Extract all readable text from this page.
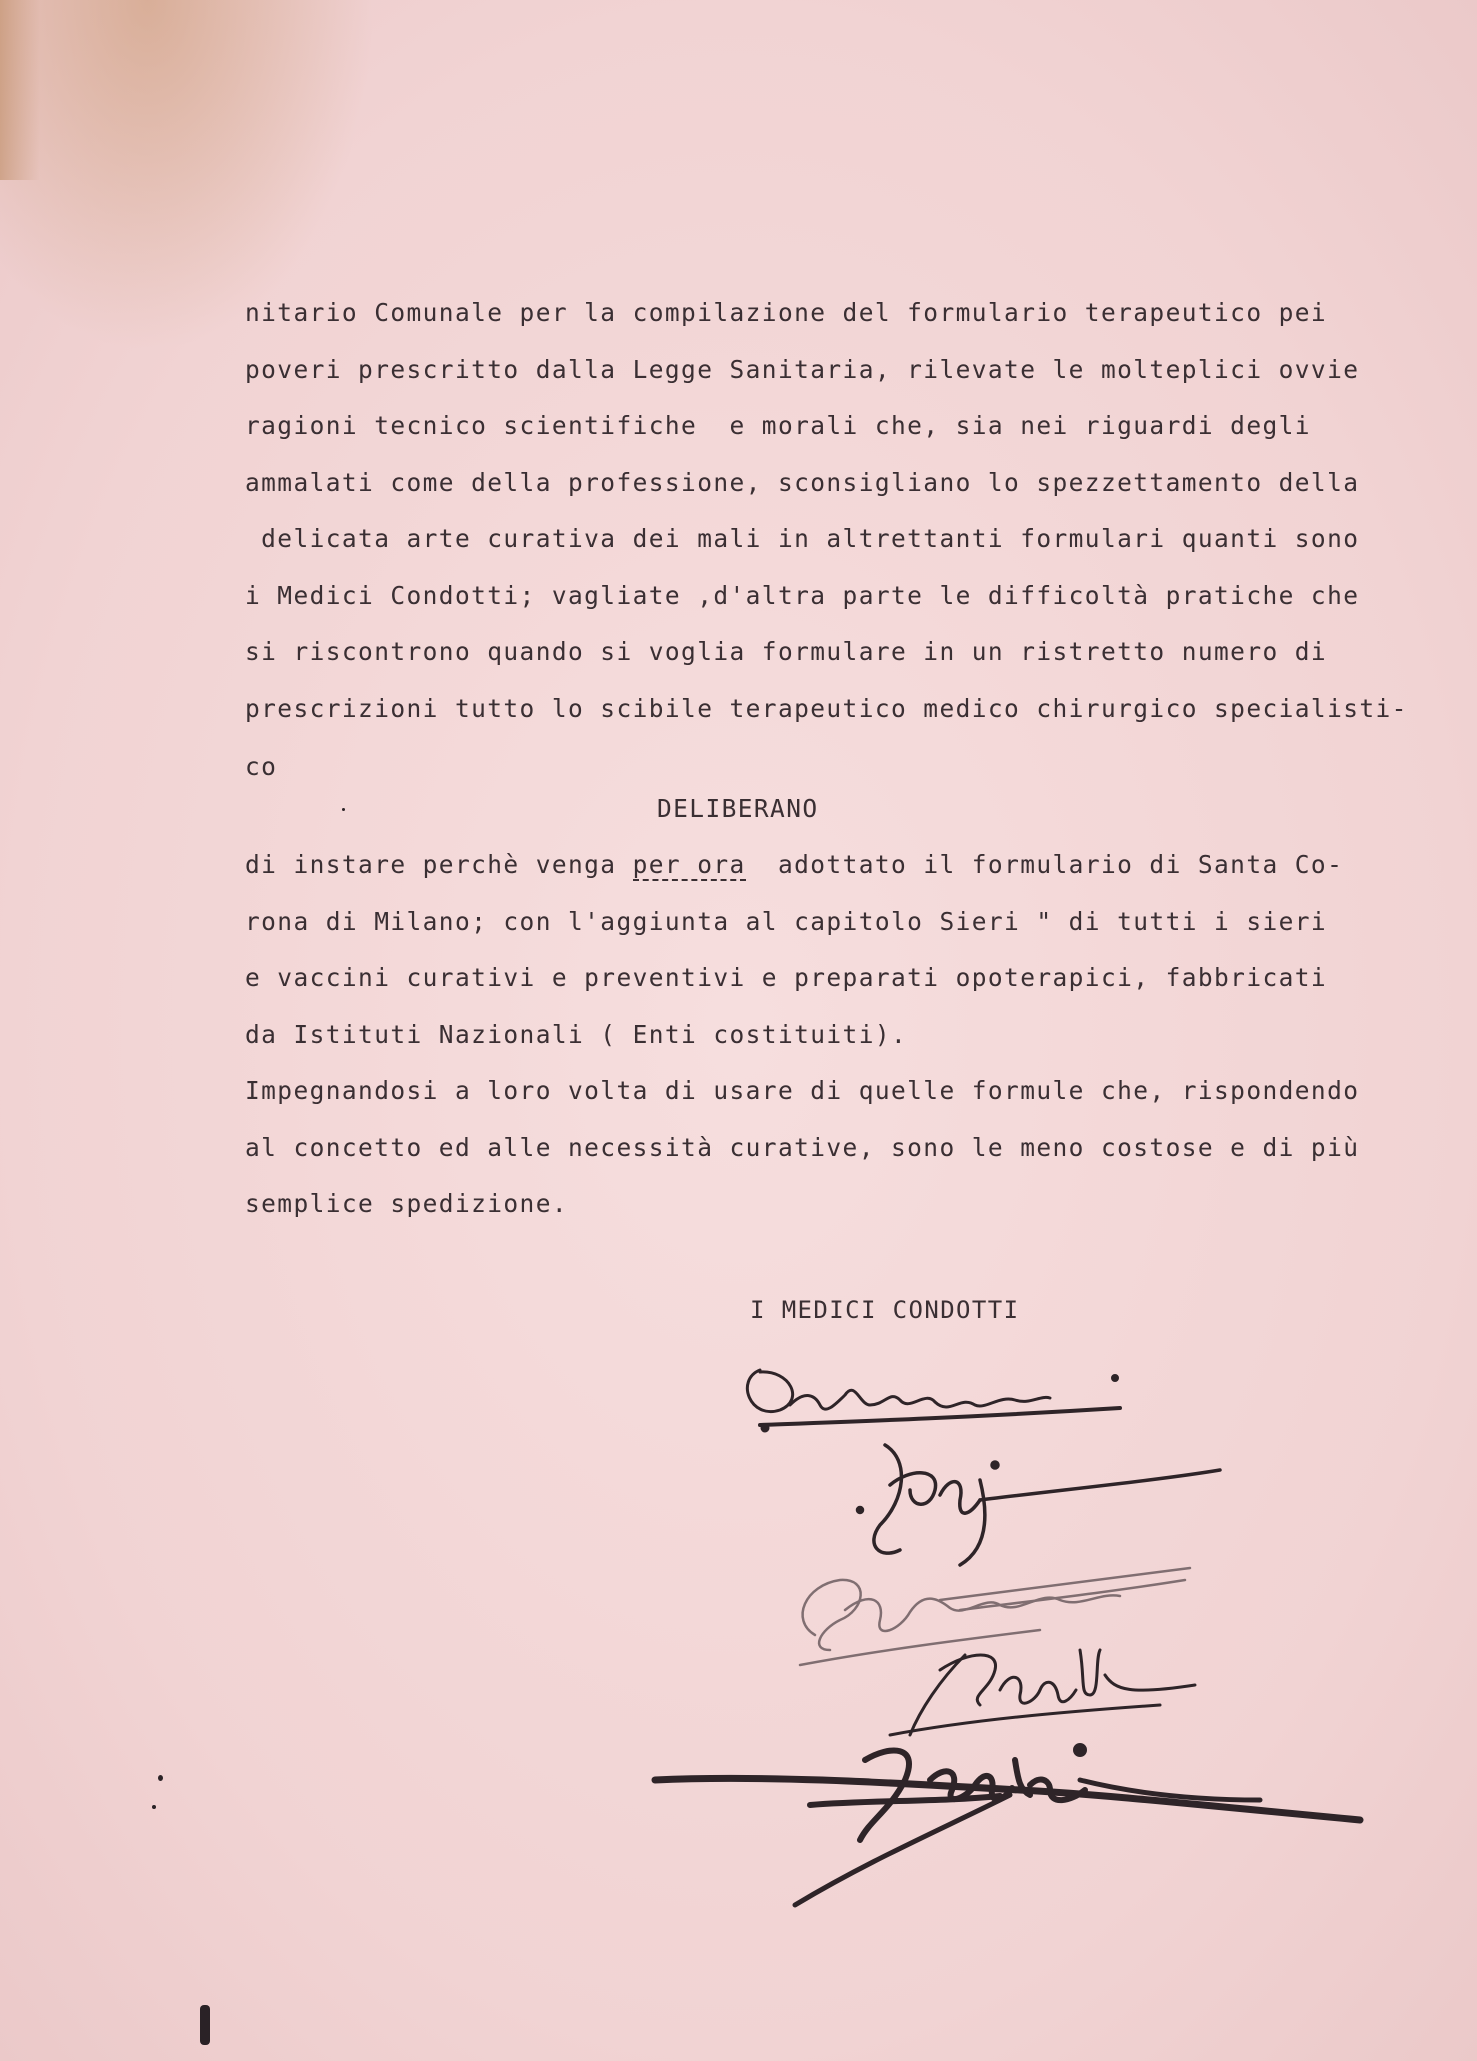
nitario Comunale per la compilazione del formulario terapeutico pei
poveri prescritto dalla Legge Sanitaria, rilevate le molteplici ovvie
ragioni tecnico scientifiche  e morali che, sia nei riguardi degli
ammalati come della professione, sconsigliano lo spezzettamento della
delicata arte curativa dei mali in altrettanti formulari quanti sono
i Medici Condotti; vagliate ,d'altra parte le difficoltà pratiche che
si riscontrono quando si voglia formulare in un ristretto numero di
prescrizioni tutto lo scibile terapeutico medico chirurgico specialisti-
co
DELIBERANO
di instare perchè venga per ora  adottato il formulario di Santa Co-
rona di Milano; con l'aggiunta al capitolo Sieri " di tutti i sieri
e vaccini curativi e preventivi e preparati opoterapici, fabbricati
da Istituti Nazionali ( Enti costituiti).
Impegnandosi a loro volta di usare di quelle formule che, rispondendo
al concetto ed alle necessità curative, sono le meno costose e di più
semplice spedizione.
I MEDICI CONDOTTI
